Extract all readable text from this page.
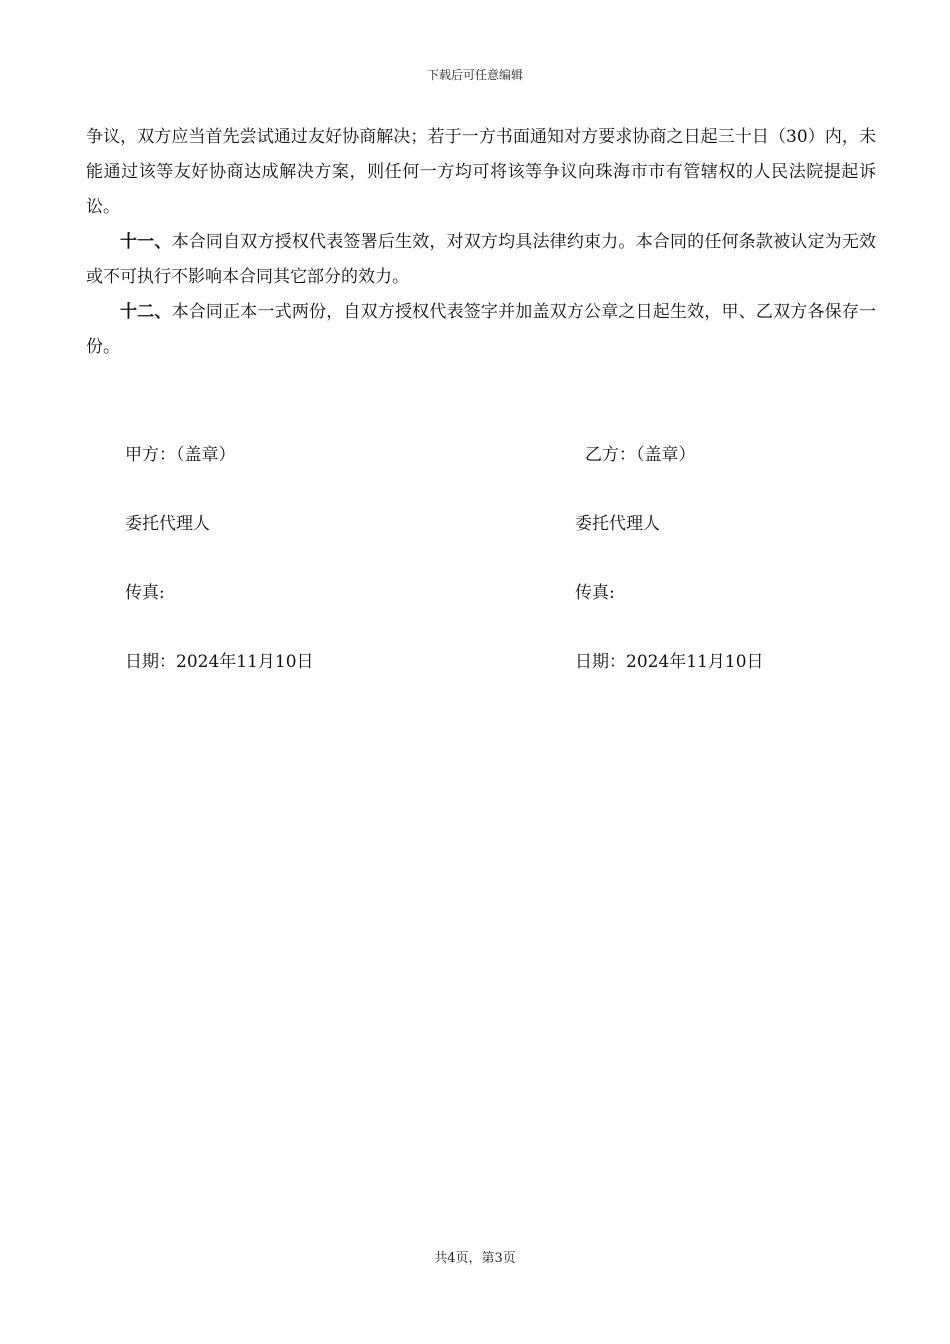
下载后可任意编辑

争议，双方应当首先尝试通过友好协商解决；若于一方书面通知对方要求协商之日起三十日（30）内，未能通过该等友好协商达成解决方案，则任何一方均可将该等争议向珠海市市有管辖权的人民法院提起诉讼。

十一、本合同自双方授权代表签署后生效，对双方均具法律约束力。本合同的任何条款被认定为无效或不可执行不影响本合同其它部分的效力。

十二、本合同正本一式两份，自双方授权代表签字并加盖双方公章之日起生效，甲、乙双方各保存一份。

甲方：（盖章）	乙方：（盖章）
委托代理人	委托代理人
传真:	传真:
日期：2024年11月10日	日期：2024年11月10日
共4页，第3页
